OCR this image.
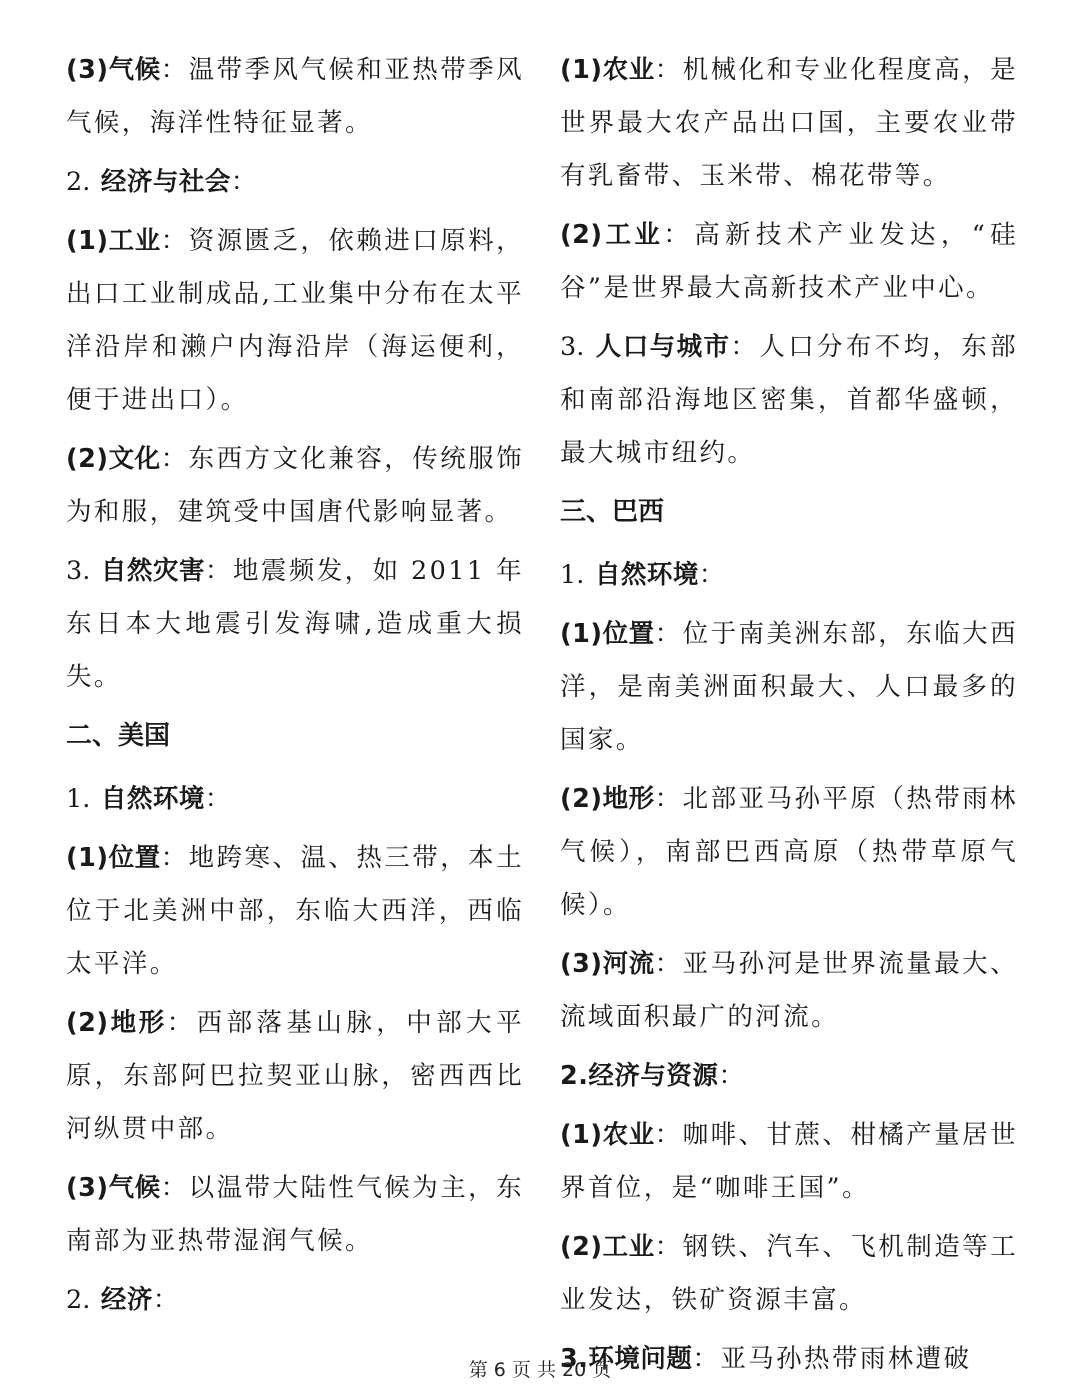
(3)气候：温带季风气候和亚热带季风气候，海洋性特征显著。

2. 经济与社会：

(1)工业：资源匮乏，依赖进口原料，出口工业制成品,工业集中分布在太平洋沿岸和濑户内海沿岸（海运便利，便于进出口）。

(2)文化：东西方文化兼容，传统服饰为和服，建筑受中国唐代影响显著。

3. 自然灾害：地震频发，如 2011 年东日本大地震引发海啸,造成重大损失。

二、美国

1. 自然环境：

(1)位置：地跨寒、温、热三带，本土位于北美洲中部，东临大西洋，西临太平洋。

(2)地形：西部落基山脉，中部大平原，东部阿巴拉契亚山脉，密西西比河纵贯中部。

(3)气候：以温带大陆性气候为主，东南部为亚热带湿润气候。

2. 经济：

(1)农业：机械化和专业化程度高，是世界最大农产品出口国，主要农业带有乳畜带、玉米带、棉花带等。

(2)工业：高新技术产业发达，“硅谷”是世界最大高新技术产业中心。

3. 人口与城市：人口分布不均，东部和南部沿海地区密集，首都华盛顿，最大城市纽约。

三、巴西

1. 自然环境：

(1)位置：位于南美洲东部，东临大西洋，是南美洲面积最大、人口最多的国家。

(2)地形：北部亚马孙平原（热带雨林气候），南部巴西高原（热带草原气候）。

(3)河流：亚马孙河是世界流量最大、流域面积最广的河流。

2.经济与资源：

(1)农业：咖啡、甘蔗、柑橘产量居世界首位，是“咖啡王国”。

(2)工业：钢铁、汽车、飞机制造等工业发达，铁矿资源丰富。

3.环境问题：亚马孙热带雨林遭破

第 6 页 共 20 页
